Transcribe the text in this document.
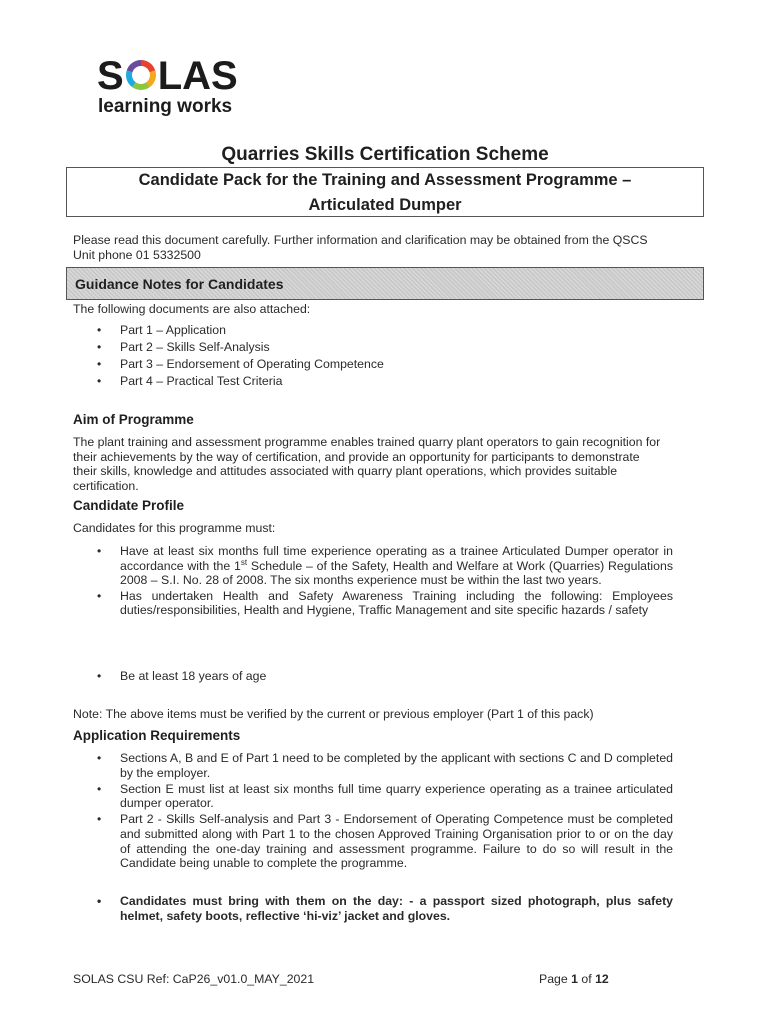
S LAS
learning works
Quarries Skills Certification Scheme
Candidate Pack for the Training and Assessment Programme –
Articulated Dumper
Please read this document carefully. Further information and clarification may be obtained from the QSCS
Unit phone 01 5332500
Guidance Notes for Candidates
The following documents are also attached:
• Part 1 – Application
• Part 2 – Skills Self-Analysis
• Part 3 – Endorsement of Operating Competence
• Part 4 – Practical Test Criteria
Aim of Programme
The plant training and assessment programme enables trained quarry plant operators to gain recognition for
their achievements by the way of certification, and provide an opportunity for participants to demonstrate
their skills, knowledge and attitudes associated with quarry plant operations, which provides suitable
certification.
Candidate Profile
Candidates for this programme must:
• Have at least six months full time experience operating as a trainee Articulated Dumper operator in accordance with the 1st Schedule – of the Safety, Health and Welfare at Work (Quarries) Regulations 2008 – S.I. No. 28 of 2008. The six months experience must be within the last two years.
• Has undertaken Health and Safety Awareness Training including the following: Employees duties/responsibilities, Health and Hygiene, Traffic Management and site specific hazards / safety
• Be at least 18 years of age
Note: The above items must be verified by the current or previous employer (Part 1 of this pack)
Application Requirements
• Sections A, B and E of Part 1 need to be completed by the applicant with sections C and D completed by the employer.
• Section E must list at least six months full time quarry experience operating as a trainee articulated dumper operator.
• Part 2 - Skills Self-analysis and Part 3 - Endorsement of Operating Competence must be completed and submitted along with Part 1 to the chosen Approved Training Organisation prior to or on the day of attending the one-day training and assessment programme. Failure to do so will result in the Candidate being unable to complete the programme.
• Candidates must bring with them on the day: - a passport sized photograph, plus safety helmet, safety boots, reflective ‘hi-viz’ jacket and gloves.
SOLAS CSU Ref: CaP26_v01.0_MAY_2021	Page 1 of 12
